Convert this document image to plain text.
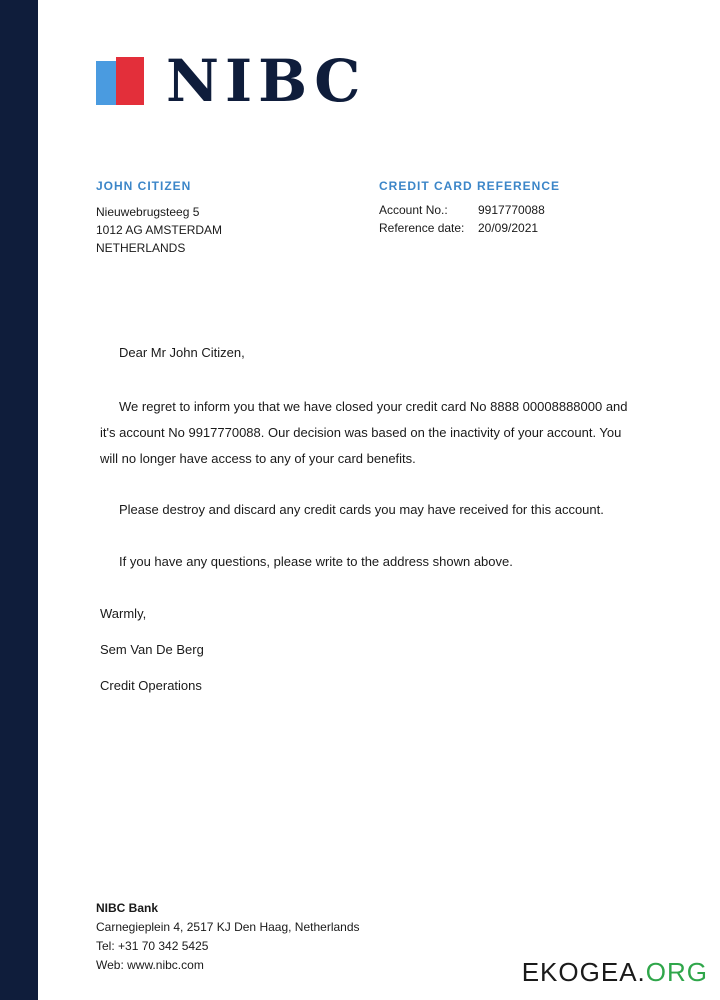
NIBC
JOHN CITIZEN
Nieuwebrugsteeg 5
1012 AG AMSTERDAM
NETHERLANDS
CREDIT CARD REFERENCE
Account No.:	9917770088
Reference date: 20/09/2021
Dear Mr John Citizen,
We regret to inform you that we have closed your credit card No 8888 00008888000 and
it's account No 9917770088. Our decision was based on the inactivity of your account. You
will no longer have access to any of your card benefits.
Please destroy and discard any credit cards you may have received for this account.
If you have any questions, please write to the address shown above.
Warmly,
Sem Van De Berg
Credit Operations
NIBC Bank
Carnegieplein 4, 2517 KJ Den Haag, Netherlands
Tel: +31 70 342 5425
Web: www.nibc.com	EKOGEA.ORG
